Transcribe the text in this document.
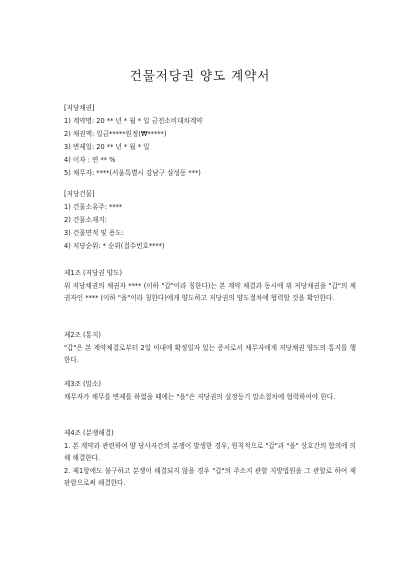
건물저당권 양도 계약서
[저당채권]
1) 계약명: 20 ** 년 * 월 * 일 금전소비대차계약
2) 채권액: 일금*****원정(₩*****)
3) 변제일: 20 ** 년 * 월 * 일
4) 이자 : 연 ** %
5) 채무자: ****(서울특별시 강남구 삼성동 ***)
[저당건물]
1) 건물소유주: ****
2) 건물소재지:
3) 건물면적 및 용도:
4) 저당순위: * 순위(접수번호****)
제1조 (저당권 양도)
위 저당채권의 채권자 **** (이하 "갑"이라 칭한다)는 본 계약 체결과 동시에 위 저당채권을 "갑"의 채권자인 **** (이하 "을"이라 칭한다)에게 양도하고 저당권의 양도절차에 협력할 것을 확인한다.
제2조 (통지)
"갑"은 본 계약체결로부터 2일 이내에 확정일자 있는 증서로서 채무자에게 저당채권 양도의 통지를 행한다.
제3조 (말소)
채무자가 채무를 변제를 하였을 때에는 "을"은 저당권의 설정등기 말소절차에 협력하여야 한다.
제4조 (분쟁해결)
1. 본 계약과 관련하여 양 당사자간의 분쟁이 발생한 경우, 원칙적으로 "갑"과 "을" 상호간의 합의에 의해 해결한다.
2. 제1항에도 불구하고 분쟁이 해결되지 않을 경우 "갑"의 주소지 관할 지방법원을 그 관할로 하여 재판함으로써 해결한다.
